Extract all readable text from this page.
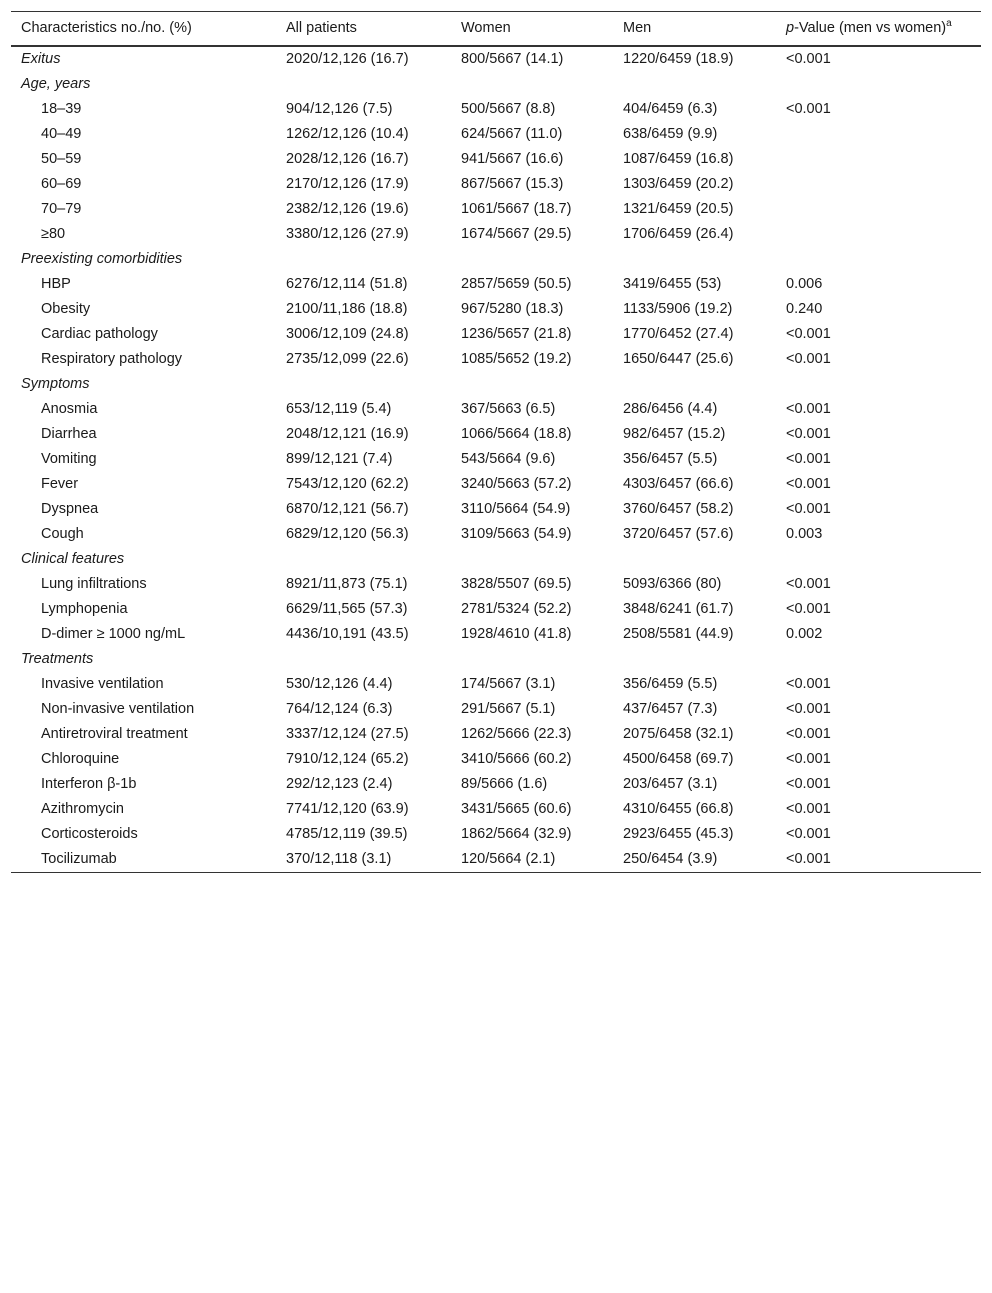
Characteristics no./no. (%)	All patients	Women	Men	p-Value (men vs women)$^a$
Exitus	2020/12,126 (16.7)	800/5667 (14.1)	1220/6459 (18.9)	<0.001
Age, years				
18–39	904/12,126 (7.5)	500/5667 (8.8)	404/6459 (6.3)	<0.001
40–49	1262/12,126 (10.4)	624/5667 (11.0)	638/6459 (9.9)	
50–59	2028/12,126 (16.7)	941/5667 (16.6)	1087/6459 (16.8)	
60–69	2170/12,126 (17.9)	867/5667 (15.3)	1303/6459 (20.2)	
70–79	2382/12,126 (19.6)	1061/5667 (18.7)	1321/6459 (20.5)	
≥80	3380/12,126 (27.9)	1674/5667 (29.5)	1706/6459 (26.4)	
Preexisting comorbidities				
HBP	6276/12,114 (51.8)	2857/5659 (50.5)	3419/6455 (53)	0.006
Obesity	2100/11,186 (18.8)	967/5280 (18.3)	1133/5906 (19.2)	0.240
Cardiac pathology	3006/12,109 (24.8)	1236/5657 (21.8)	1770/6452 (27.4)	<0.001
Respiratory pathology	2735/12,099 (22.6)	1085/5652 (19.2)	1650/6447 (25.6)	<0.001
Symptoms				
Anosmia	653/12,119 (5.4)	367/5663 (6.5)	286/6456 (4.4)	<0.001
Diarrhea	2048/12,121 (16.9)	1066/5664 (18.8)	982/6457 (15.2)	<0.001
Vomiting	899/12,121 (7.4)	543/5664 (9.6)	356/6457 (5.5)	<0.001
Fever	7543/12,120 (62.2)	3240/5663 (57.2)	4303/6457 (66.6)	<0.001
Dyspnea	6870/12,121 (56.7)	3110/5664 (54.9)	3760/6457 (58.2)	<0.001
Cough	6829/12,120 (56.3)	3109/5663 (54.9)	3720/6457 (57.6)	0.003
Clinical features				
Lung infiltrations	8921/11,873 (75.1)	3828/5507 (69.5)	5093/6366 (80)	<0.001
Lymphopenia	6629/11,565 (57.3)	2781/5324 (52.2)	3848/6241 (61.7)	<0.001
D-dimer ≥ 1000 ng/mL	4436/10,191 (43.5)	1928/4610 (41.8)	2508/5581 (44.9)	0.002
Treatments				
Invasive ventilation	530/12,126 (4.4)	174/5667 (3.1)	356/6459 (5.5)	<0.001
Non-invasive ventilation	764/12,124 (6.3)	291/5667 (5.1)	437/6457 (7.3)	<0.001
Antiretroviral treatment	3337/12,124 (27.5)	1262/5666 (22.3)	2075/6458 (32.1)	<0.001
Chloroquine	7910/12,124 (65.2)	3410/5666 (60.2)	4500/6458 (69.7)	<0.001
Interferon β-1b	292/12,123 (2.4)	89/5666 (1.6)	203/6457 (3.1)	<0.001
Azithromycin	7741/12,120 (63.9)	3431/5665 (60.6)	4310/6455 (66.8)	<0.001
Corticosteroids	4785/12,119 (39.5)	1862/5664 (32.9)	2923/6455 (45.3)	<0.001
Tocilizumab	370/12,118 (3.1)	120/5664 (2.1)	250/6454 (3.9)	<0.001
